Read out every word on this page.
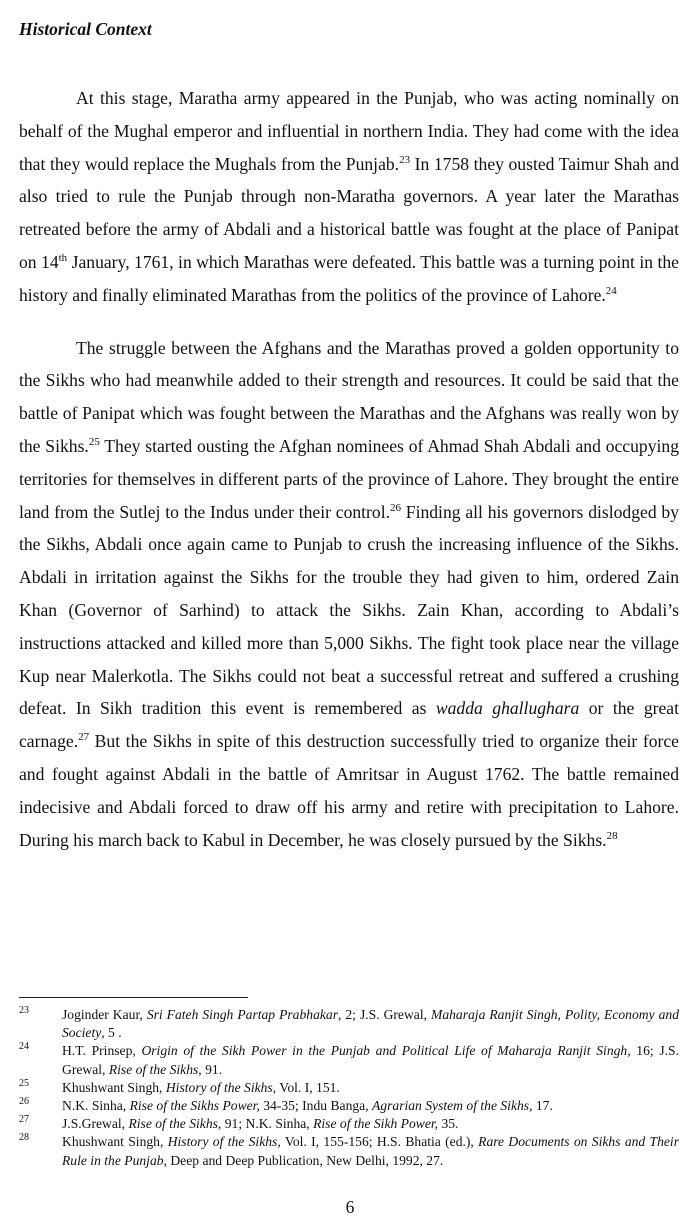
Historical Context

At this stage, Maratha army appeared in the Punjab, who was acting nominally on behalf of the Mughal emperor and influential in northern India. They had come with the idea that they would replace the Mughals from the Punjab.$^{23}$ In 1758 they ousted Taimur Shah and also tried to rule the Punjab through non-Maratha governors. A year later the Marathas retreated before the army of Abdali and a historical battle was fought at the place of Panipat on 14th January, 1761, in which Marathas were defeated. This battle was a turning point in the history and finally eliminated Marathas from the politics of the province of Lahore.$^{24}$

The struggle between the Afghans and the Marathas proved a golden opportunity to the Sikhs who had meanwhile added to their strength and resources. It could be said that the battle of Panipat which was fought between the Marathas and the Afghans was really won by the Sikhs.$^{25}$ They started ousting the Afghan nominees of Ahmad Shah Abdali and occupying territories for themselves in different parts of the province of Lahore. They brought the entire land from the Sutlej to the Indus under their control.$^{26}$ Finding all his governors dislodged by the Sikhs, Abdali once again came to Punjab to crush the increasing influence of the Sikhs. Abdali in irritation against the Sikhs for the trouble they had given to him, ordered Zain Khan (Governor of Sarhind) to attack the Sikhs. Zain Khan, according to Abdali’s instructions attacked and killed more than 5,000 Sikhs. The fight took place near the village Kup near Malerkotla. The Sikhs could not beat a successful retreat and suffered a crushing defeat. In Sikh tradition this event is remembered as wadda ghallughara or the great carnage.$^{27}$ But the Sikhs in spite of this destruction successfully tried to organize their force and fought against Abdali in the battle of Amritsar in August 1762. The battle remained indecisive and Abdali forced to draw off his army and retire with precipitation to Lahore. During his march back to Kabul in December, he was closely pursued by the Sikhs.$^{28}$

23 Joginder Kaur, Sri Fateh Singh Partap Prabhakar, 2; J.S. Grewal, Maharaja Ranjit Singh, Polity, Economy and Society, 5 .
24 H.T. Prinsep, Origin of the Sikh Power in the Punjab and Political Life of Maharaja Ranjit Singh, 16; J.S. Grewal, Rise of the Sikhs, 91.
25 Khushwant Singh, History of the Sikhs, Vol. I, 151.
26 N.K. Sinha, Rise of the Sikhs Power, 34-35; Indu Banga, Agrarian System of the Sikhs, 17.
27 J.S.Grewal, Rise of the Sikhs, 91; N.K. Sinha, Rise of the Sikh Power, 35.
28 Khushwant Singh, History of the Sikhs, Vol. I, 155-156; H.S. Bhatia (ed.), Rare Documents on Sikhs and Their Rule in the Punjab, Deep and Deep Publication, New Delhi, 1992, 27.
6
